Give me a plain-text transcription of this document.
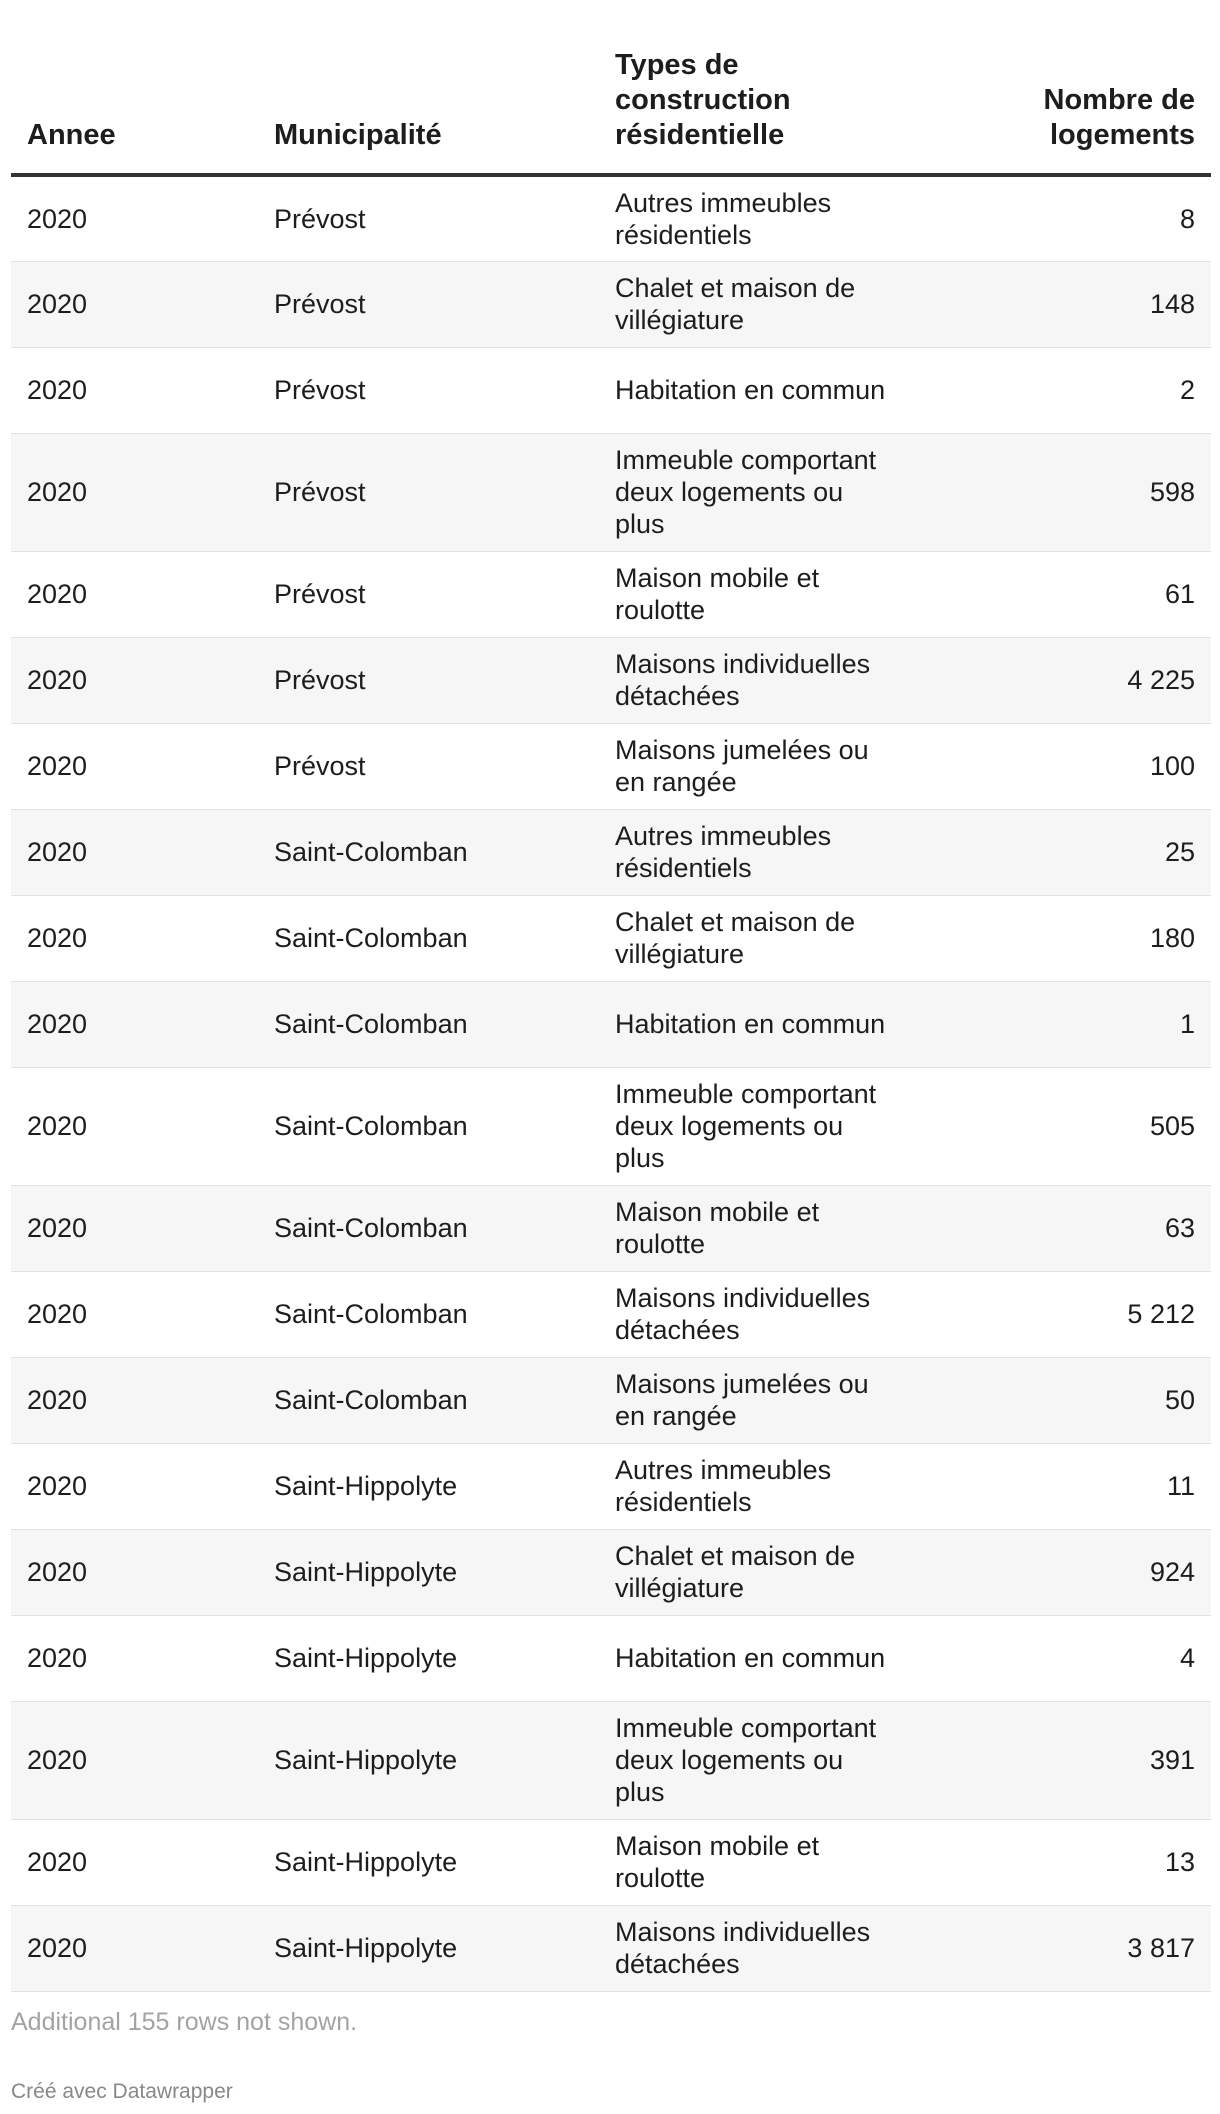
Annee	Municipalité	Types de construction résidentielle	Nombre de logements
2020	Prévost	Autres immeubles résidentiels	8
2020	Prévost	Chalet et maison de villégiature	148
2020	Prévost	Habitation en commun	2
2020	Prévost	Immeuble comportant deux logements ou plus	598
2020	Prévost	Maison mobile et roulotte	61
2020	Prévost	Maisons individuelles détachées	4 225
2020	Prévost	Maisons jumelées ou en rangée	100
2020	Saint-Colomban	Autres immeubles résidentiels	25
2020	Saint-Colomban	Chalet et maison de villégiature	180
2020	Saint-Colomban	Habitation en commun	1
2020	Saint-Colomban	Immeuble comportant deux logements ou plus	505
2020	Saint-Colomban	Maison mobile et roulotte	63
2020	Saint-Colomban	Maisons individuelles détachées	5 212
2020	Saint-Colomban	Maisons jumelées ou en rangée	50
2020	Saint-Hippolyte	Autres immeubles résidentiels	11
2020	Saint-Hippolyte	Chalet et maison de villégiature	924
2020	Saint-Hippolyte	Habitation en commun	4
2020	Saint-Hippolyte	Immeuble comportant deux logements ou plus	391
2020	Saint-Hippolyte	Maison mobile et roulotte	13
2020	Saint-Hippolyte	Maisons individuelles détachées	3 817
Additional 155 rows not shown.
Créé avec Datawrapper
